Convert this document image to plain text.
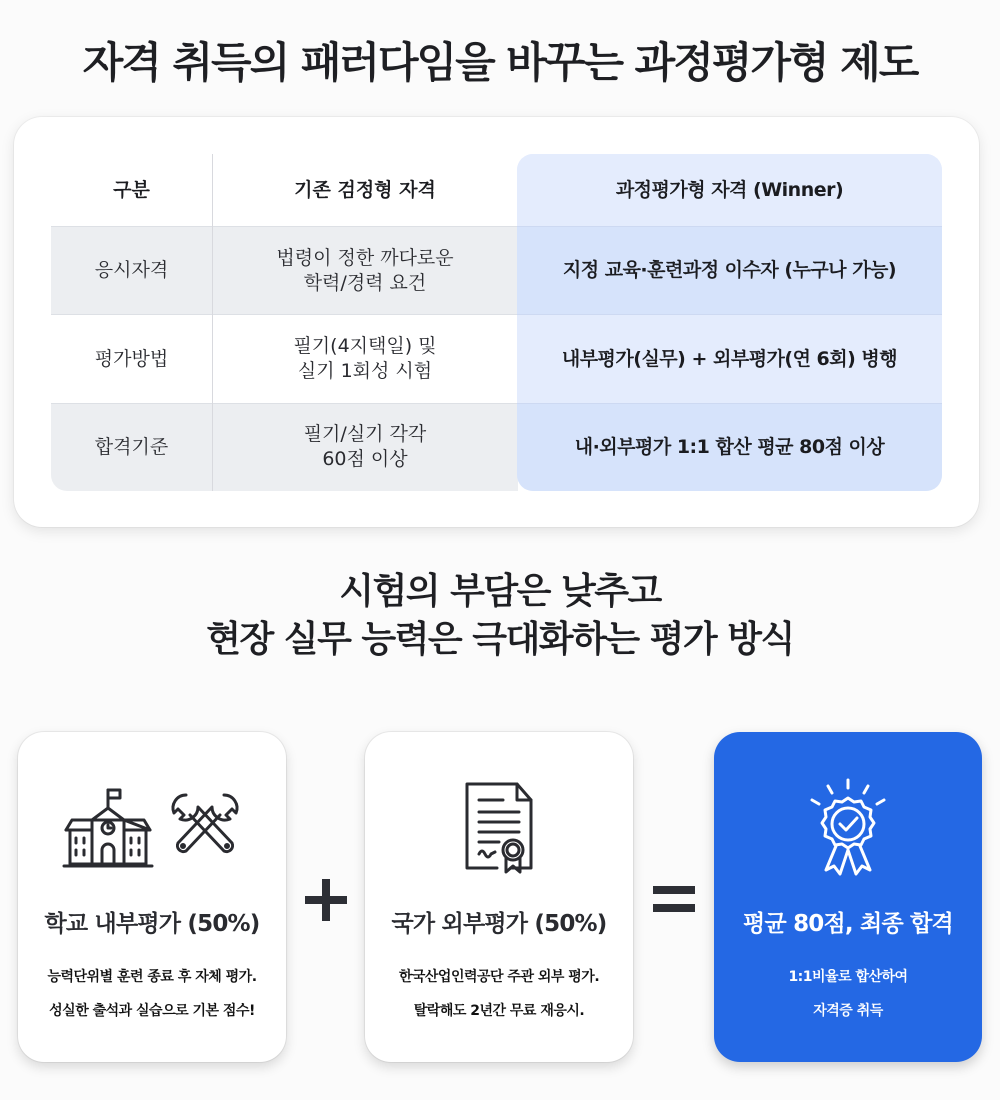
자격 취득의 패러다임을 바꾸는 과정평가형 제도
구분	기존 검정형 자격	과정평가형 자격 (Winner)
응시자격
법령이 정한 까다로운
학력/경력 요건
지정 교육·훈련과정 이수자 (누구나 가능)
평가방법
필기(4지택일) 및
실기 1회성 시험
내부평가(실무) + 외부평가(연 6회) 병행
합격기준
필기/실기 각각
60점 이상
내·외부평가 1:1 합산 평균 80점 이상
시험의 부담은 낮추고
현장 실무 능력은 극대화하는 평가 방식
학교 내부평가 (50%)
능력단위별 훈련 종료 후 자체 평가.
성실한 출석과 실습으로 기본 점수!
국가 외부평가 (50%)
한국산업인력공단 주관 외부 평가.
탈락해도 2년간 무료 재응시.
평균 80점, 최종 합격
1:1비율로 합산하여
자격증 취득
